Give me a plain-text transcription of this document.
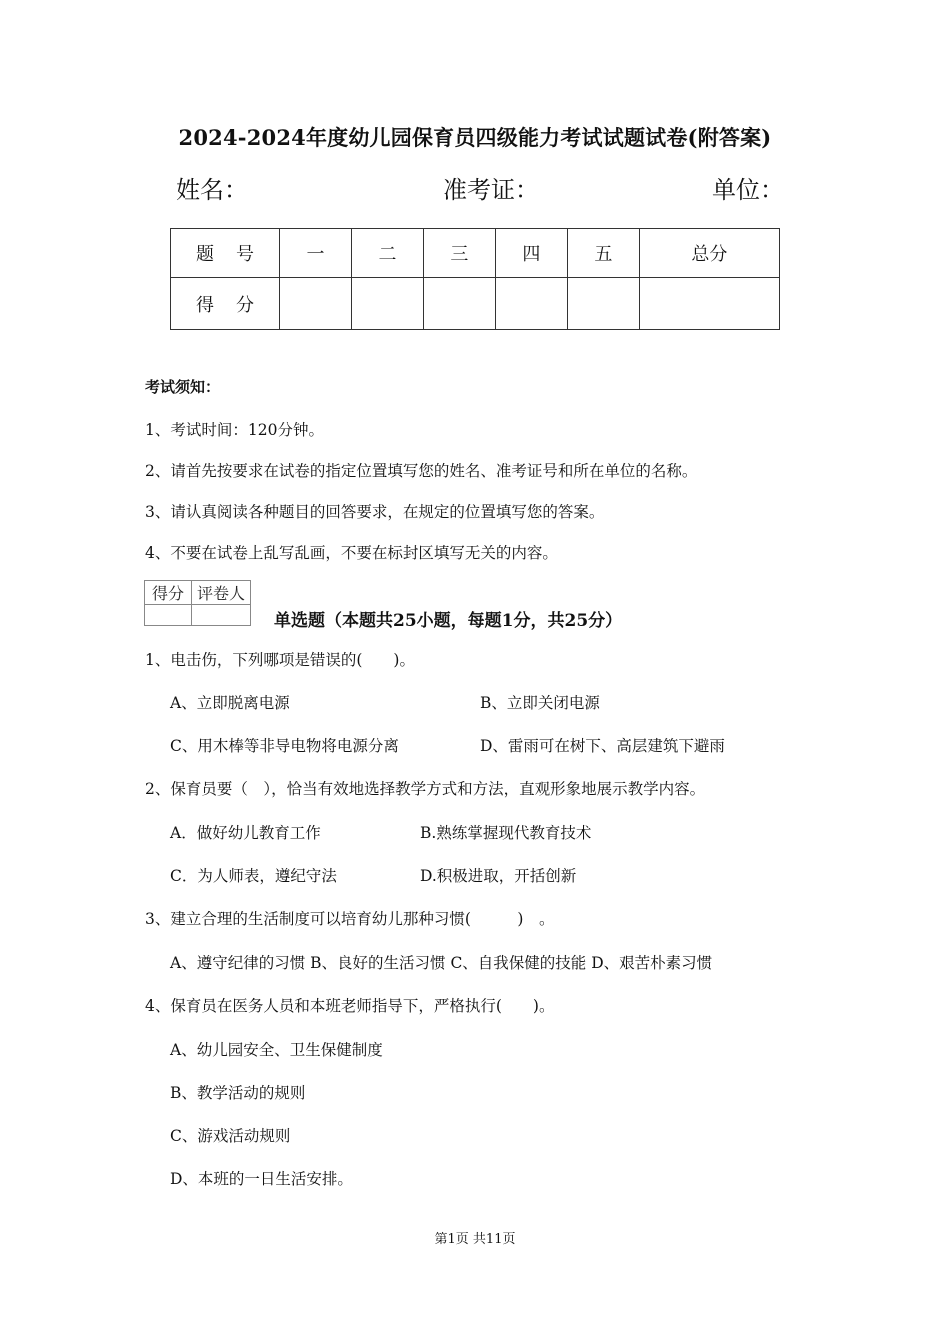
2024-2024年度幼儿园保育员四级能力考试试题试卷(附答案)
姓名：	准考证：	单位：
题号	一	二	三	四	五	总分
得分						
考试须知：
1、考试时间：120分钟。
2、请首先按要求在试卷的指定位置填写您的姓名、准考证号和所在单位的名称。
3、请认真阅读各种题目的回答要求，在规定的位置填写您的答案。
4、不要在试卷上乱写乱画，不要在标封区填写无关的内容。
得分	评卷人

单选题（本题共25小题，每题1分，共25分）
1、电击伤，下列哪项是错误的(　　)。
A、立即脱离电源	B、立即关闭电源
C、用木棒等非导电物将电源分离	D、雷雨可在树下、高层建筑下避雨
2、保育员要（　），恰当有效地选择教学方式和方法，直观形象地展示教学内容。
A．做好幼儿教育工作	B.熟练掌握现代教育技术
C．为人师表，遵纪守法	D.积极进取，开括创新
3、建立合理的生活制度可以培育幼儿那种习惯(　　　)　。
A、遵守纪律的习惯 B、良好的生活习惯 C、自我保健的技能 D、艰苦朴素习惯
4、保育员在医务人员和本班老师指导下，严格执行(　　)。
A、幼儿园安全、卫生保健制度
B、教学活动的规则
C、游戏活动规则
D、本班的一日生活安排。
第1页 共11页
